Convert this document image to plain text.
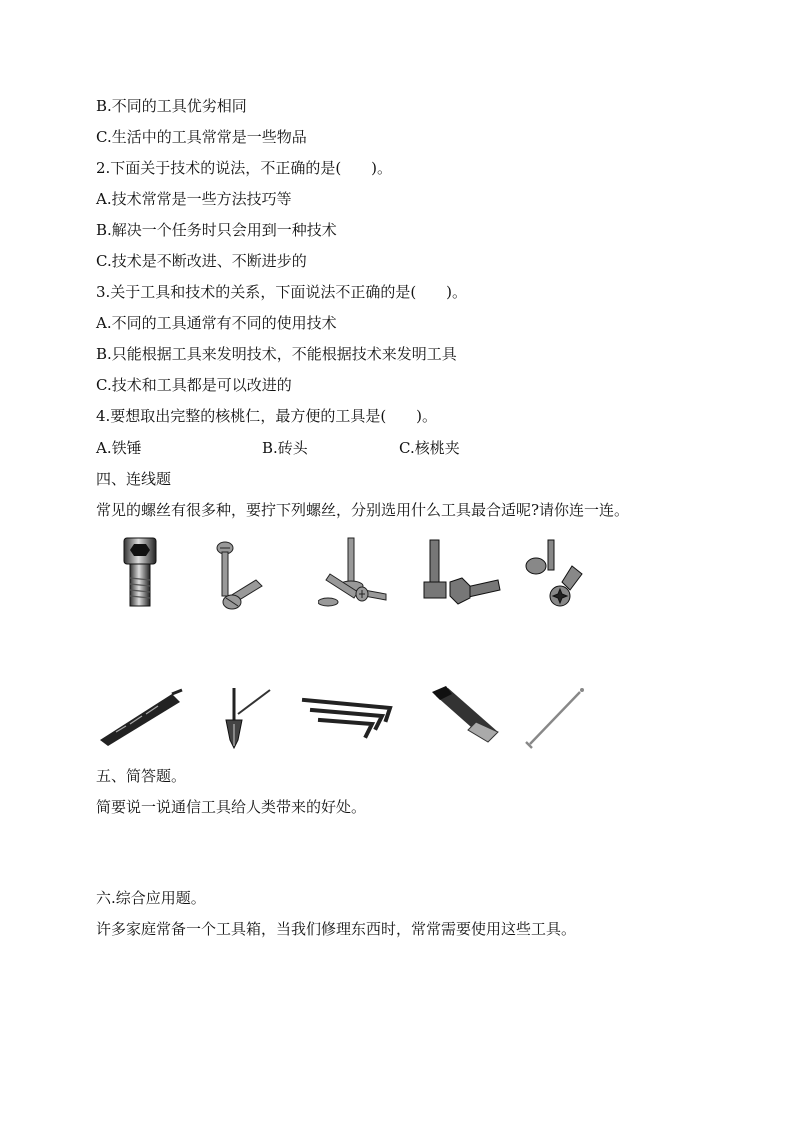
B.不同的工具优劣相同
C.生活中的工具常常是一些物品
2.下面关于技术的说法，不正确的是(　　)。
A.技术常常是一些方法技巧等
B.解决一个任务时只会用到一种技术
C.技术是不断改进、不断进步的
3.关于工具和技术的关系，下面说法不正确的是(　　)。
A.不同的工具通常有不同的使用技术
B.只能根据工具来发明技术，不能根据技术来发明工具
C.技术和工具都是可以改进的
4.要想取出完整的核桃仁，最方便的工具是(　　)。
A.铁锤	B.砖头	C.核桃夹
四、连线题
常见的螺丝有很多种，要拧下列螺丝，分别选用什么工具最合适呢?请你连一连。
五、简答题。
简要说一说通信工具给人类带来的好处。
六.综合应用题。
许多家庭常备一个工具箱，当我们修理东西时，常常需要使用这些工具。
